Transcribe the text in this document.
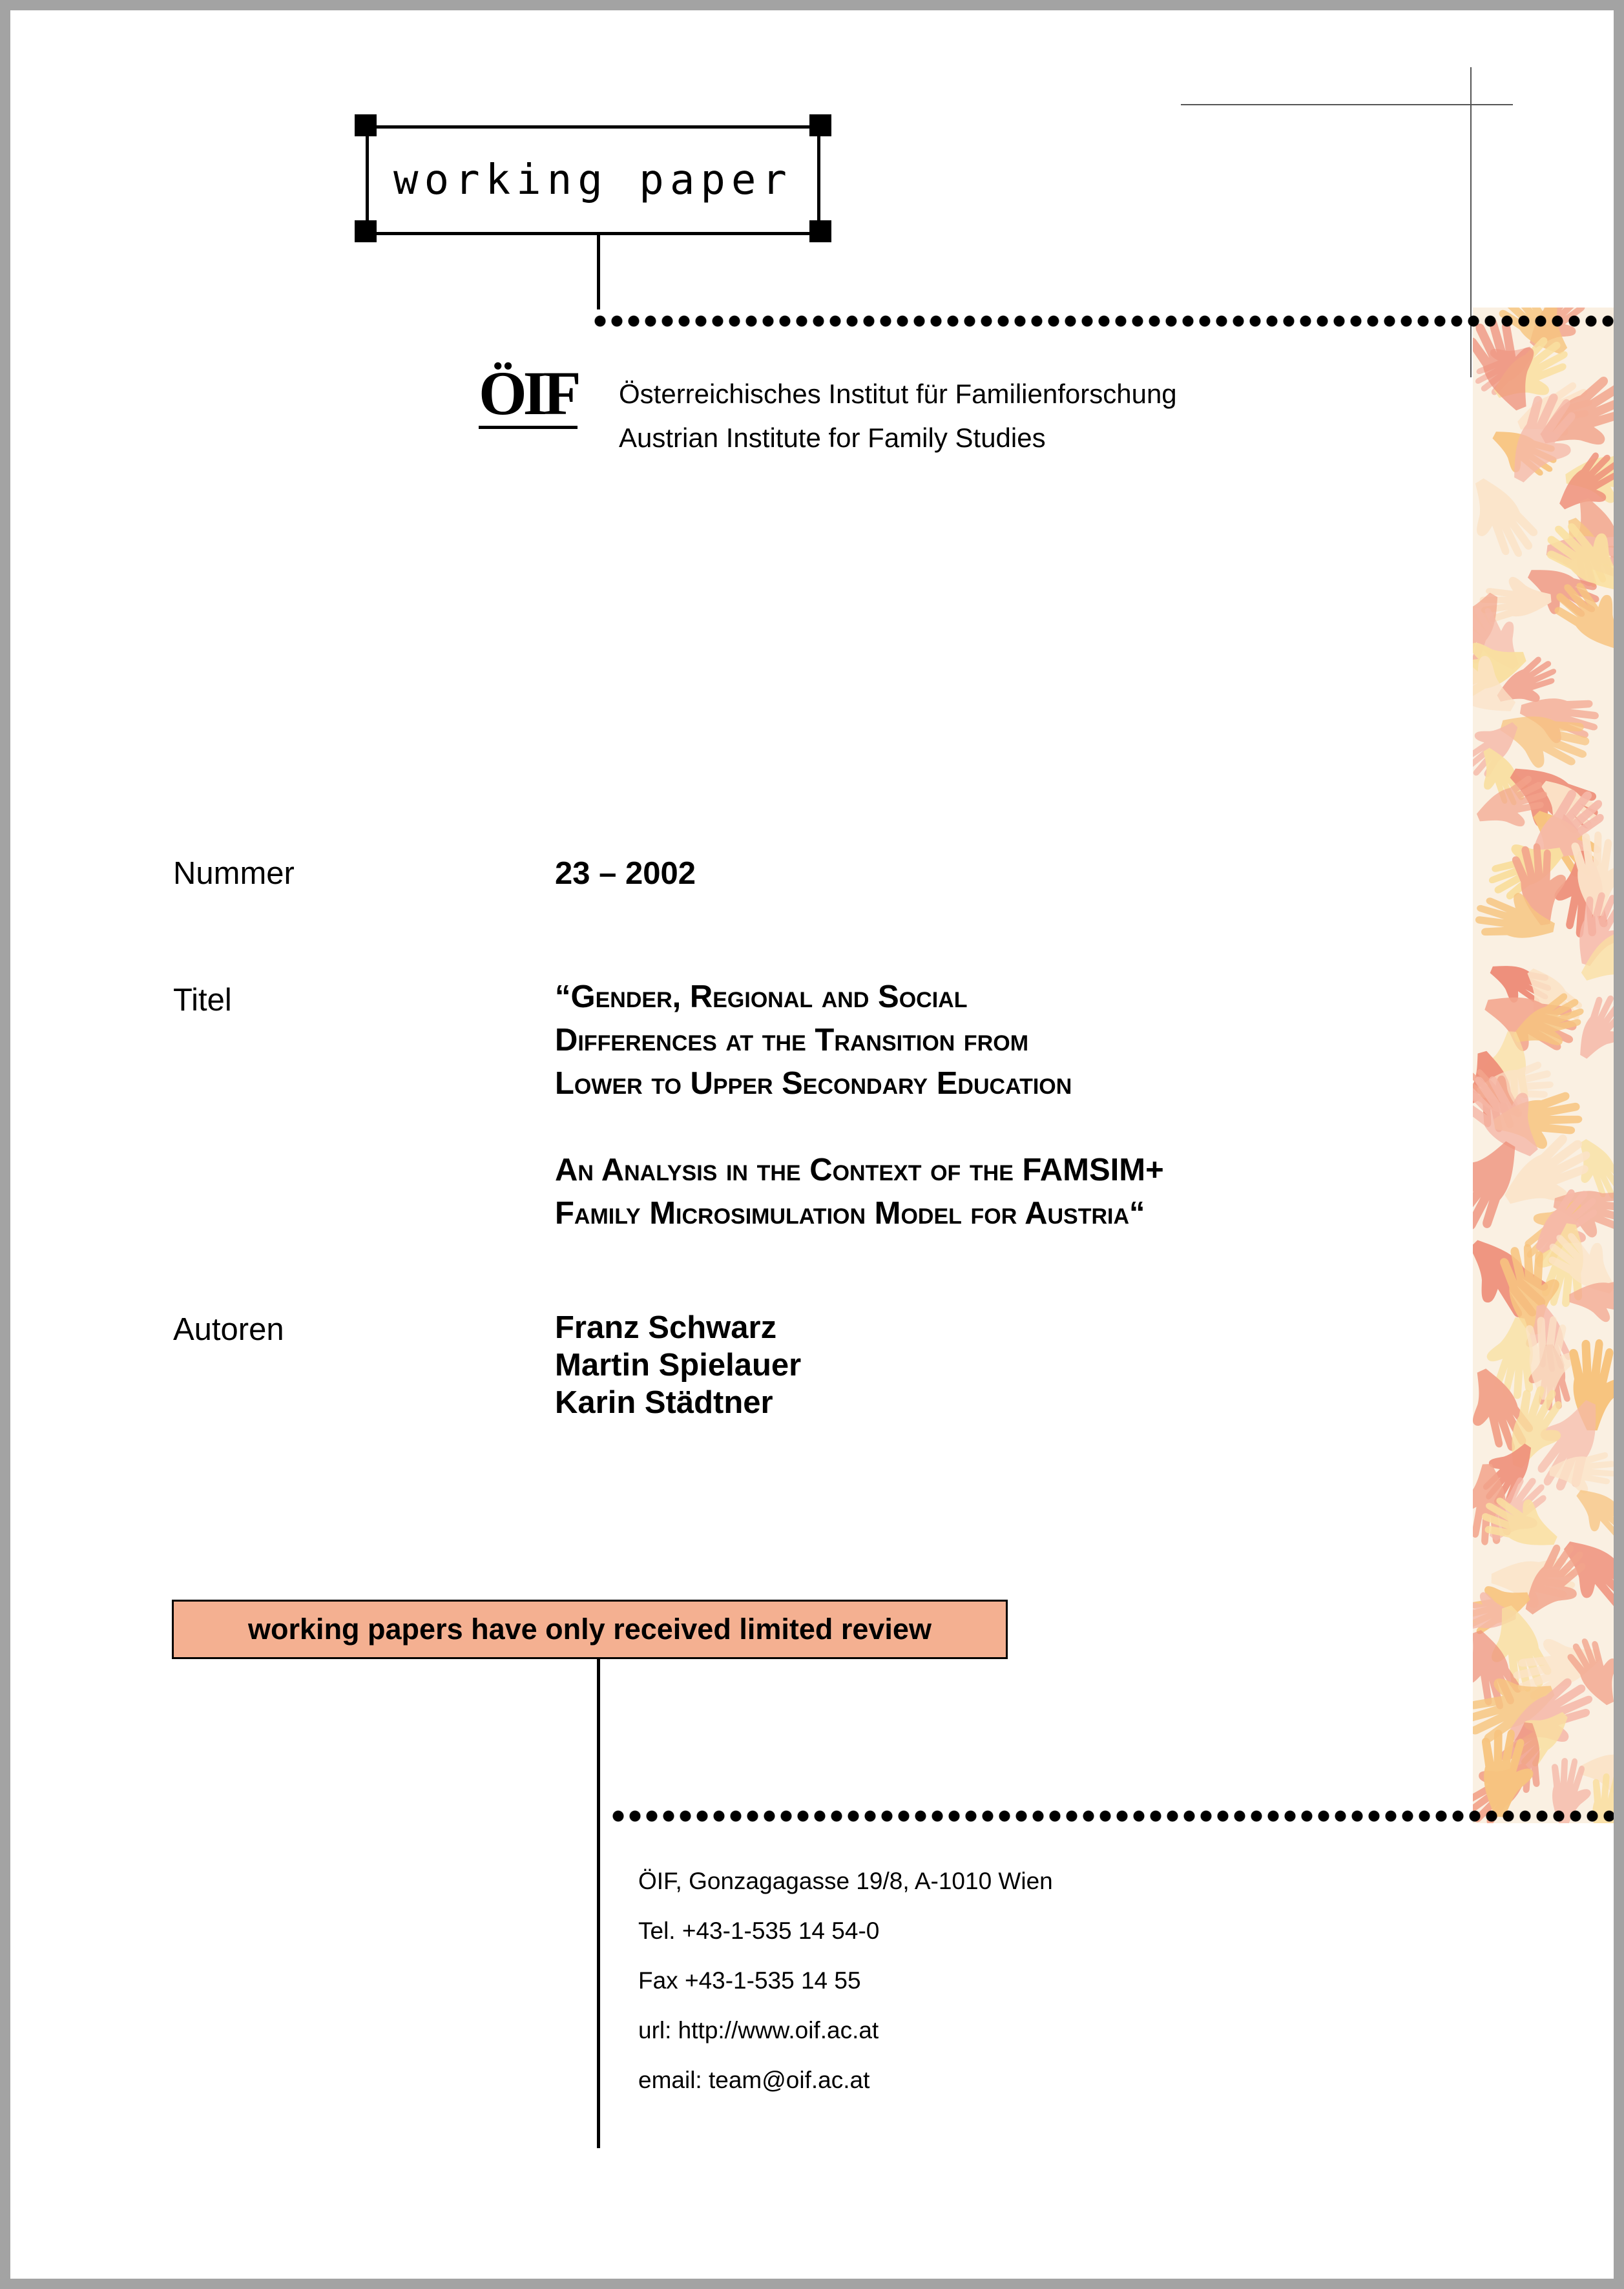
working paper
ÖIF Österreichisches Institut für Familienforschung
Austrian Institute for Family Studies
Nummer	23 – 2002
Titel	“Gender, Regional and Social
Differences at the Transition from
Lower to Upper Secondary Education
An Analysis in the Context of the FAMSIM+
Family Microsimulation Model for Austria“
Autoren	Franz Schwarz
Martin Spielauer
Karin Städtner
working papers have only received limited review
ÖIF, Gonzagagasse 19/8, A-1010 Wien
Tel. +43-1-535 14 54-0
Fax +43-1-535 14 55
url: http://www.oif.ac.at
email: team@oif.ac.at
